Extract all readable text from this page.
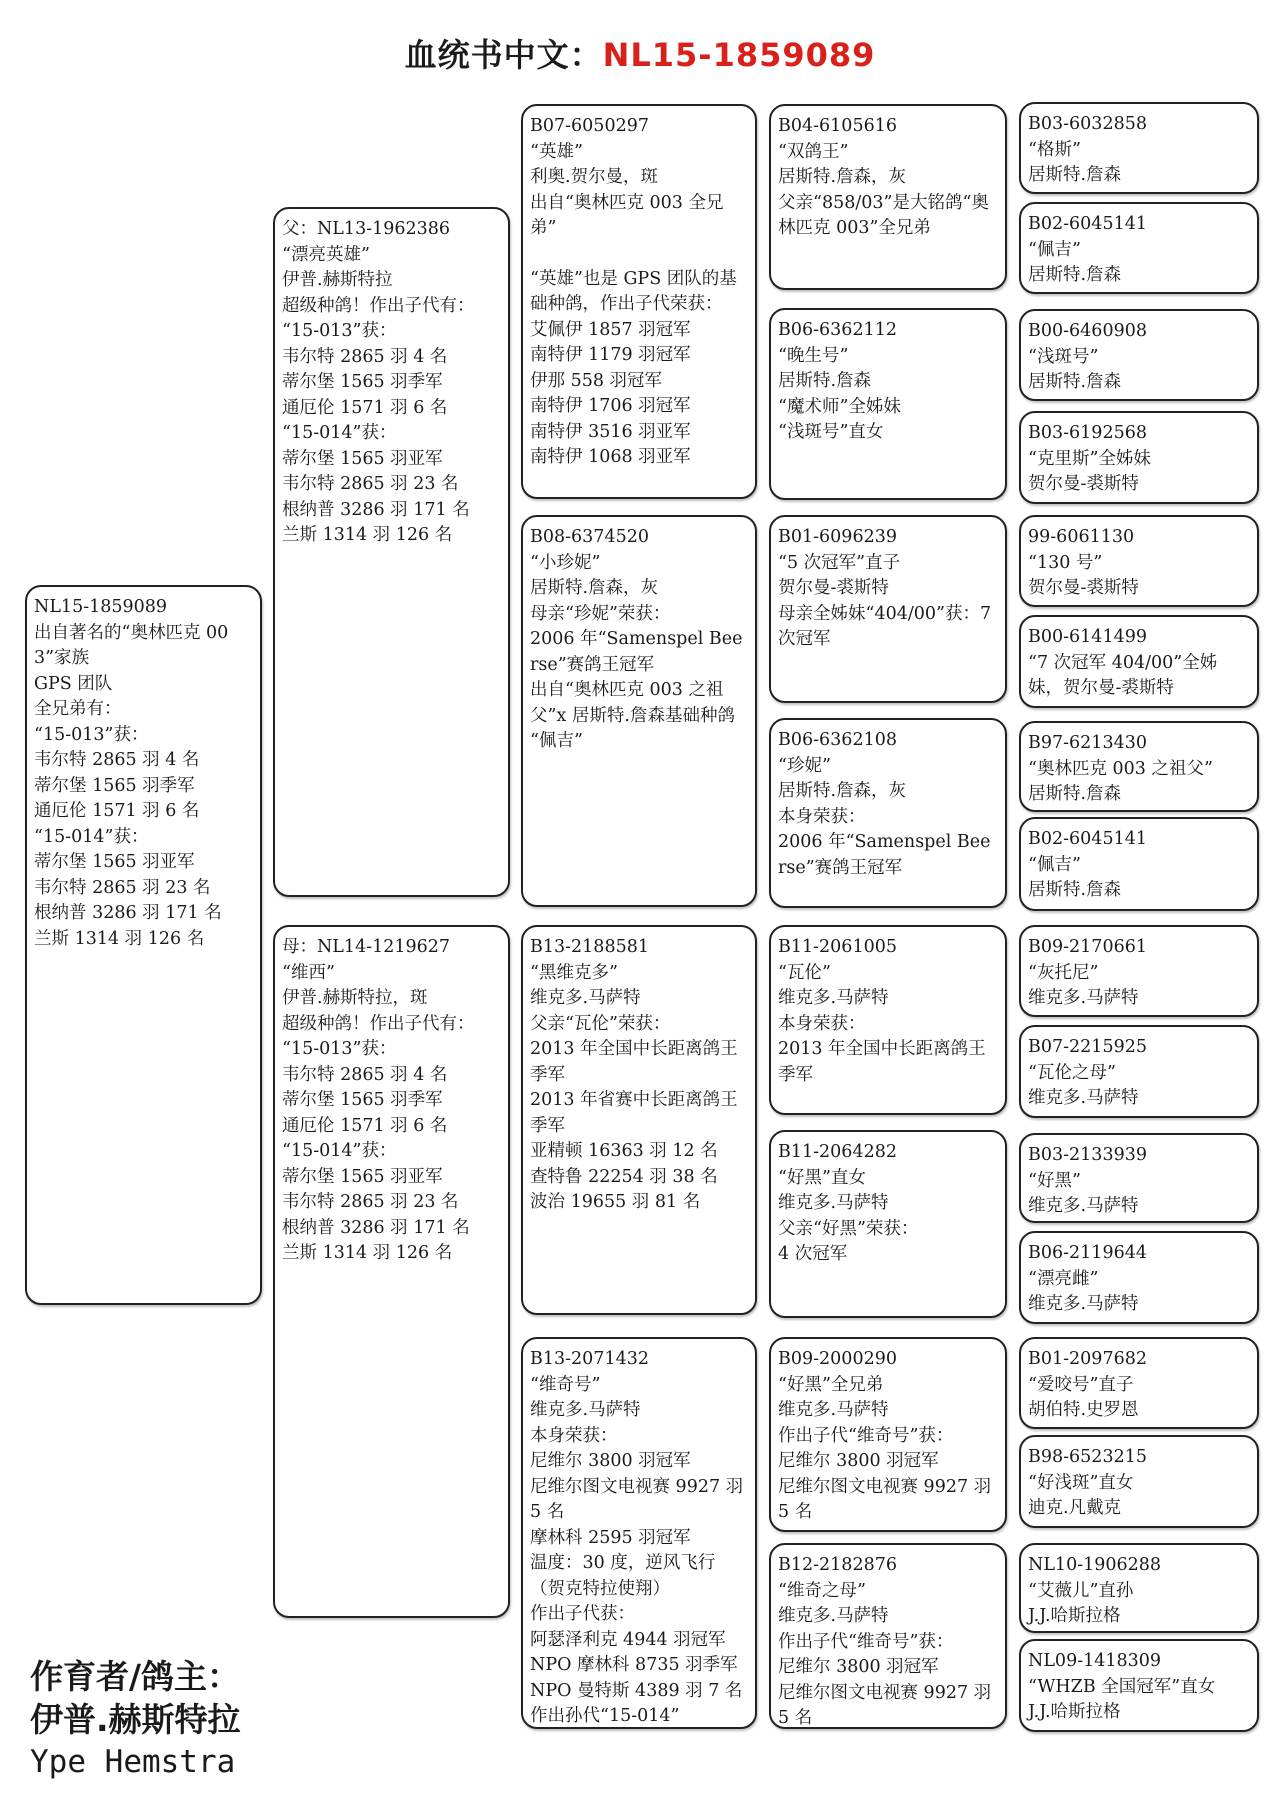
血统书中文：NL15-1859089
NL15-1859089
出自著名的“奥林匹克 003”家族
GPS 团队
全兄弟有：
“15-013”获：
韦尔特 2865 羽 4 名
蒂尔堡 1565 羽季军
通厄伦 1571 羽 6 名
“15-014”获：
蒂尔堡 1565 羽亚军
韦尔特 2865 羽 23 名
根纳普 3286 羽 171 名
兰斯 1314 羽 126 名
父：NL13-1962386
“漂亮英雄”
伊普.赫斯特拉
超级种鸽！作出子代有：
“15-013”获：
韦尔特 2865 羽 4 名
蒂尔堡 1565 羽季军
通厄伦 1571 羽 6 名
“15-014”获：
蒂尔堡 1565 羽亚军
韦尔特 2865 羽 23 名
根纳普 3286 羽 171 名
兰斯 1314 羽 126 名
母：NL14-1219627
“维西”
伊普.赫斯特拉，斑
超级种鸽！作出子代有：
“15-013”获：
韦尔特 2865 羽 4 名
蒂尔堡 1565 羽季军
通厄伦 1571 羽 6 名
“15-014”获：
蒂尔堡 1565 羽亚军
韦尔特 2865 羽 23 名
根纳普 3286 羽 171 名
兰斯 1314 羽 126 名
B07-6050297
“英雄”
利奥.贺尔曼，斑
出自“奥林匹克 003 全兄弟”
“英雄”也是 GPS 团队的基础种鸽，作出子代荣获：
艾佩伊 1857 羽冠军
南特伊 1179 羽冠军
伊那 558 羽冠军
南特伊 1706 羽冠军
南特伊 3516 羽亚军
南特伊 1068 羽亚军
B08-6374520
“小珍妮”
居斯特.詹森，灰
母亲“珍妮”荣获：
2006 年“Samenspel Beerse”赛鸽王冠军
出自“奥林匹克 003 之祖父”x 居斯特.詹森基础种鸽 “佩吉”
B13-2188581
“黑维克多”
维克多.马萨特
父亲“瓦伦”荣获：
2013 年全国中长距离鸽王季军
2013 年省赛中长距离鸽王季军
亚精顿 16363 羽 12 名
查特鲁 22254 羽 38 名
波治 19655 羽 81 名
B13-2071432
“维奇号”
维克多.马萨特
本身荣获：
尼维尔 3800 羽冠军
尼维尔图文电视赛 9927 羽 5 名
摩林科 2595 羽冠军
温度：30 度，逆风飞行（贺克特拉使翔）
作出子代获：
阿瑟泽利克 4944 羽冠军
NPO 摩林科 8735 羽季军
NPO 曼特斯 4389 羽 7 名
作出孙代“15-014”
B04-6105616
“双鸽王”
居斯特.詹森，灰
父亲“858/03”是大铭鸽“奥林匹克 003”全兄弟
B06-6362112
“晚生号”
居斯特.詹森
“魔术师”全姊妹
“浅斑号”直女
B01-6096239
“5 次冠军”直子
贺尔曼-裘斯特
母亲全姊妹“404/00”获：7 次冠军
B06-6362108
“珍妮”
居斯特.詹森，灰
本身荣获：
2006 年“Samenspel Beerse”赛鸽王冠军
B11-2061005
“瓦伦”
维克多.马萨特
本身荣获：
2013 年全国中长距离鸽王季军
B11-2064282
“好黑”直女
维克多.马萨特
父亲“好黑”荣获：
4 次冠军
B09-2000290
“好黑”全兄弟
维克多.马萨特
作出子代“维奇号”获：
尼维尔 3800 羽冠军
尼维尔图文电视赛 9927 羽 5 名
B12-2182876
“维奇之母”
维克多.马萨特
作出子代“维奇号”获：
尼维尔 3800 羽冠军
尼维尔图文电视赛 9927 羽 5 名
B03-6032858
“格斯”
居斯特.詹森
B02-6045141
“佩吉”
居斯特.詹森
B00-6460908
“浅斑号”
居斯特.詹森
B03-6192568
“克里斯”全姊妹
贺尔曼-裘斯特
99-6061130
“130 号”
贺尔曼-裘斯特
B00-6141499
“7 次冠军 404/00”全姊妹，贺尔曼-裘斯特
B97-6213430
“奥林匹克 003 之祖父”
居斯特.詹森
B02-6045141
“佩吉”
居斯特.詹森
B09-2170661
“灰托尼”
维克多.马萨特
B07-2215925
“瓦伦之母”
维克多.马萨特
B03-2133939
“好黑”
维克多.马萨特
B06-2119644
“漂亮雌”
维克多.马萨特
B01-2097682
“爱咬号”直子
胡伯特.史罗恩
B98-6523215
“好浅斑”直女
迪克.凡戴克
NL10-1906288
“艾薇儿”直孙
J.J.哈斯拉格
NL09-1418309
“WHZB 全国冠军”直女
J.J.哈斯拉格
作育者/鸽主：
伊普.赫斯特拉
Ype Hemstra
